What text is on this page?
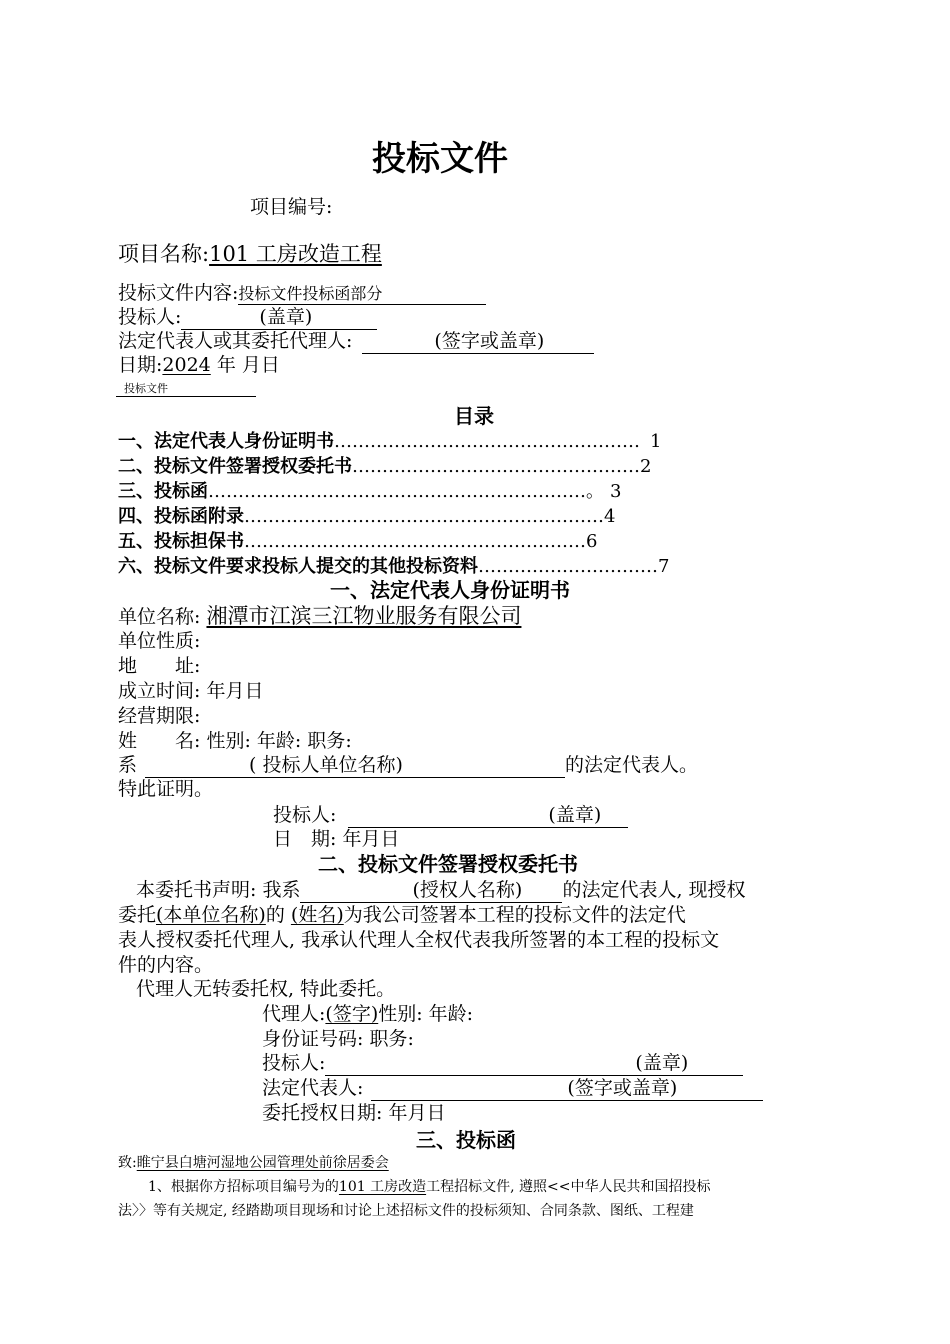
投标文件
项目编号:
项目名称:101 工房改造工程
投标文件内容:投标文件投标函部分
投标人:	(盖章)
法定代表人或其委托代理人:	(签字或盖章)
日期:2024 年 月日
投标文件
目录
一、法定代表人身份证明书…………………………………………… 1
二、投标文件签署授权委托书…………………………………………2
三、投标函………………………………………………………。 3
四、投标函附录……………………………………………………4
五、投标担保书…………………………………………………6
六、投标文件要求投标人提交的其他投标资料…………………………7
一、法定代表人身份证明书
单位名称: 湘潭市江滨三江物业服务有限公司
单位性质:
地　　址:
成立时间: 年月日
经营期限:
姓　　名: 性别: 年龄: 职务:
系	( 投标人单位名称)	的法定代表人。
特此证明。
投标人:	(盖章)
日　期: 年月日
二、投标文件签署授权委托书
本委托书声明: 我系	(授权人名称) 的法定代表人, 现授权
委托(本单位名称)的 (姓名)为我公司签署本工程的投标文件的法定代
表人授权委托代理人, 我承认代理人全权代表我所签署的本工程的投标文
件的内容。
代理人无转委托权, 特此委托。
代理人:(签字)性别: 年龄:
身份证号码: 职务:
投标人:	(盖章)
法定代表人:	(签字或盖章)
委托授权日期: 年月日
三、投标函
致:睢宁县白塘河湿地公园管理处前徐居委会
1、根据你方招标项目编号为的101 工房改造工程招标文件, 遵照<<中华人民共和国招投标
法〉〉等有关规定, 经踏勘项目现场和讨论上述招标文件的投标须知、合同条款、图纸、工程建
